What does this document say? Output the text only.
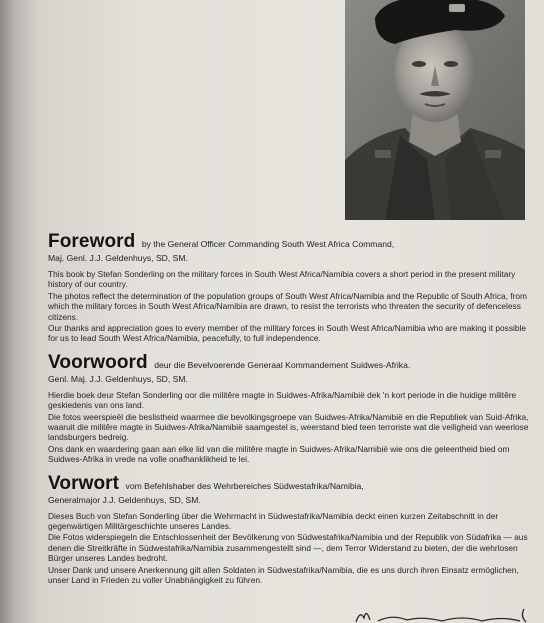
Foreword by the General Officer Commanding South West Africa Command,

Maj. Genl. J.J. Geldenhuys, SD, SM.

This book by Stefan Sonderling on the military forces in South West Africa/Namibia covers a short period in the present military history of our country.

The photos reflect the determination of the population groups of South West Africa/Namibia and the Republic of South Africa, from which the military forces in South West Africa/Namibia are drawn, to resist the terrorists who threaten the security of defenceless citizens.

Our thanks and appreciation goes to every member of the military forces in South West Africa/Namibia who are making it possible for us to lead South West Africa/Namibia, peacefully, to full independence.

Voorwoord deur die Bevelvoerende Generaal Kommandement Suidwes-Afrika.

Genl. Maj. J.J. Geldenhuys, SD, SM.

Hierdie boek deur Stefan Sonderling oor die militêre magte in Suidwes-Afrika/Namibië dek 'n kort periode in die huidige militêre geskiedenis van ons land.

Die fotos weerspieël die beslistheid waarmee die bevolkingsgroepe van Suidwes-Afrika/Namibië en die Republiek van Suid-Afrika, waaruit die militêre magte in Suidwes-Afrika/Namibië saamgestel is, weerstand bied teen terroriste wat die veiligheid van weerlose landsburgers bedreig.

Ons dank en waardering gaan aan elke lid van die militêre magte in Suidwes-Afrika/Namibië wie ons die geleentheid bied om Suidwes-Afrika in vrede na volle onafhanklikheid te lei.

Vorwort vom Befehlshaber des Wehrbereiches Südwestafrika/Namibia,

Generalmajor J.J. Geldenhuys, SD, SM.

Dieses Buch von Stefan Sonderling über die Wehrmacht in Südwestafrika/Namibia deckt einen kurzen Zeitabschnitt in der gegenwärtigen Militärgeschichte unseres Landes.

Die Fotos widerspiegeln die Entschlossenheit der Bevölkerung von Südwestafrika/Namibia und der Republik von Südafrika — aus denen die Streitkräfte in Südwestafrika/Namibia zusammengestellt sind —, dem Terror Widerstand zu bieten, der die wehrlosen Bürger unseres Landes bedroht.

Unser Dank und unsere Anerkennung gilt allen Soldaten in Südwestafrika/Namibia, die es uns durch ihren Einsatz ermöglichen, unser Land in Frieden zu voller Unabhängigkeit zu führen.
